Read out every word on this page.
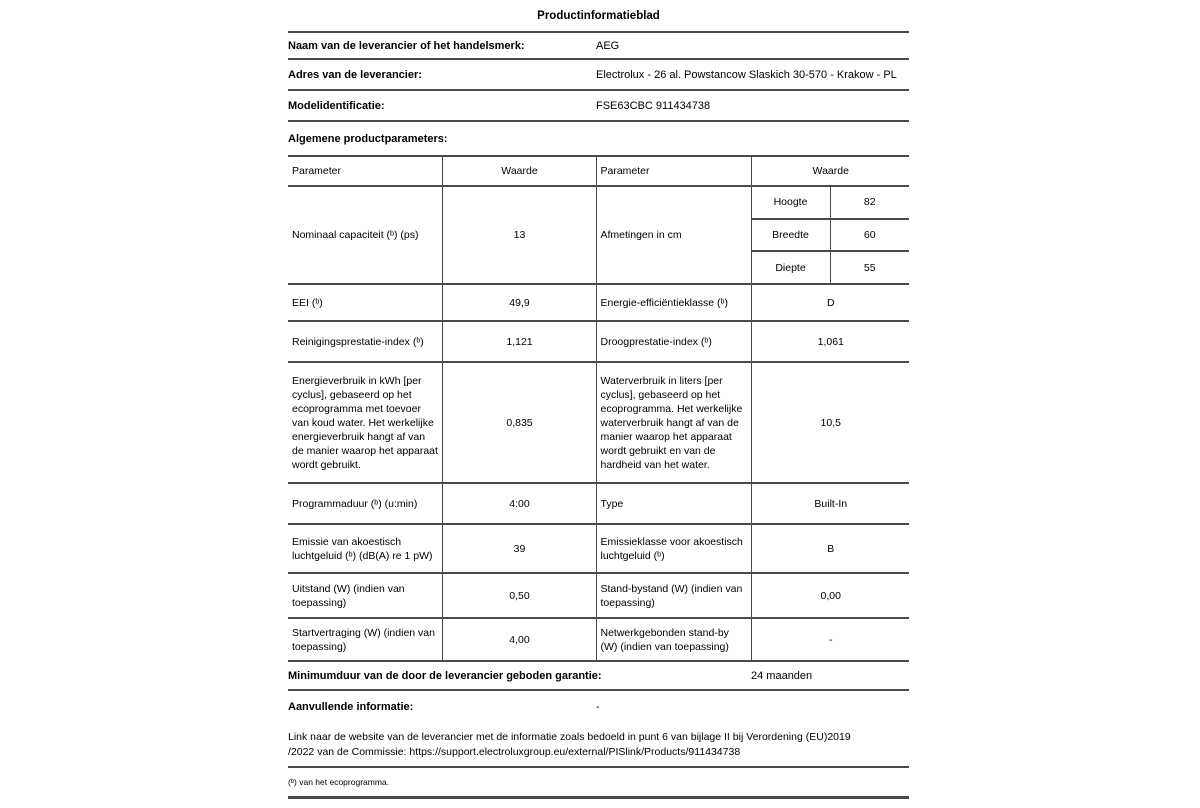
Productinformatieblad
Naam van de leverancier of het handelsmerk:	AEG
Adres van de leverancier:	Electrolux - 26 al. Powstancow Slaskich 30-570 - Krakow - PL
Modelidentificatie:	FSE63CBC 911434738
Algemene productparameters:
Parameter	Waarde	Parameter	Waarde
Nominaal capaciteit (ᵇ) (ps)	13	Afmetingen in cm	
Hoogte	82
Breedte	60
Diepte	55

EEI (ᵇ)	49,9	Energie-efficiëntieklasse (ᵇ)	D
Reinigingsprestatie-index (ᵇ)	1,121	Droogprestatie-index (ᵇ)	1,061
Energieverbruik in kWh [per cyclus], gebaseerd op het ecoprogramma met toevoer van koud water. Het werkelijke energieverbruik hangt af van de manier waarop het apparaat wordt gebruikt.	0,835	Waterverbruik in liters [per cyclus], gebaseerd op het ecoprogramma. Het werkelijke waterverbruik hangt af van de manier waarop het apparaat wordt gebruikt en van de hardheid van het water.	10,5
Programmaduur (ᵇ) (u:min)	4:00	Type	Built-In
Emissie van akoestisch luchtgeluid (ᵇ) (dB(A) re 1 pW)	39	Emissieklasse voor akoestisch luchtgeluid (ᵇ)	B
Uitstand (W) (indien van toepassing)	0,50	Stand-bystand (W) (indien van toepassing)	0,00
Startvertraging (W) (indien van toepassing)	4,00	Netwerkgebonden stand-by (W) (indien van toepassing)	-
Minimumduur van de door de leverancier geboden garantie:	24 maanden
Aanvullende informatie:	-
Link naar de website van de leverancier met de informatie zoals bedoeld in punt 6 van bijlage II bij Verordening (EU)2019
/2022 van de Commissie: https://support.electroluxgroup.eu/external/PISlink/Products/911434738
(ᵇ) van het ecoprogramma.
